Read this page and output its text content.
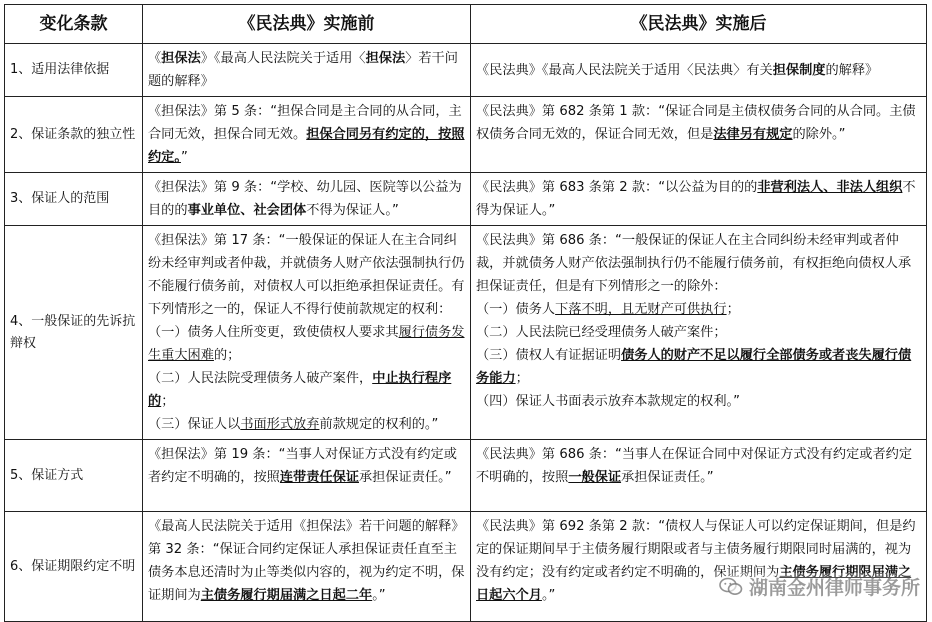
变化条款	《民法典》实施前	《民法典》实施后
1、适用法律依据	《担保法》《最高人民法院关于适用〈担保法〉若干问题的解释》	《民法典》《最高人民法院关于适用〈民法典〉有关担保制度的解释》
2、保证条款的独立性	《担保法》第 5 条：“担保合同是主合同的从合同，主合同无效，担保合同无效。担保合同另有约定的，按照约定。”	《民法典》第 682 条第 1 款：“保证合同是主债权债务合同的从合同。主债权债务合同无效的，保证合同无效，但是法律另有规定的除外。”
3、保证人的范围	《担保法》第 9 条：“学校、幼儿园、医院等以公益为目的的事业单位、社会团体不得为保证人。”	《民法典》第 683 条第 2 款：“以公益为目的的非营利法人、非法人组织不得为保证人。”
4、一般保证的先诉抗辩权	《担保法》第 17 条：“一般保证的保证人在主合同纠纷未经审判或者仲裁，并就债务人财产依法强制执行仍不能履行债务前，对债权人可以拒绝承担保证责任。有下列情形之一的，保证人不得行使前款规定的权利：（一）债务人住所变更，致使债权人要求其履行债务发生重大困难的；
（二）人民法院受理债务人破产案件，中止执行程序的；
（三）保证人以书面形式放弃前款规定的权利的。”	《民法典》第 686 条：“一般保证的保证人在主合同纠纷未经审判或者仲裁，并就债务人财产依法强制执行仍不能履行债务前，有权拒绝向债权人承担保证责任，但是有下列情形之一的除外：
（一）债务人下落不明，且无财产可供执行；
（二）人民法院已经受理债务人破产案件；
（三）债权人有证据证明债务人的财产不足以履行全部债务或者丧失履行债务能力；
（四）保证人书面表示放弃本款规定的权利。”
5、保证方式	《担保法》第 19 条：“当事人对保证方式没有约定或者约定不明确的，按照连带责任保证承担保证责任。”	《民法典》第 686 条：“当事人在保证合同中对保证方式没有约定或者约定不明确的，按照一般保证承担保证责任。”
6、保证期限约定不明	《最高人民法院关于适用《担保法》若干问题的解释》第 32 条：“保证合同约定保证人承担保证责任直至主债务本息还清时为止等类似内容的，视为约定不明，保证期间为主债务履行期届满之日起二年。”	《民法典》第 692 条第 2 款：“债权人与保证人可以约定保证期间，但是约定的保证期间早于主债务履行期限或者与主债务履行期限同时届满的，视为没有约定；没有约定或者约定不明确的，保证期间为主债务履行期限届满之日起六个月。”	湖南金州律师事务所
